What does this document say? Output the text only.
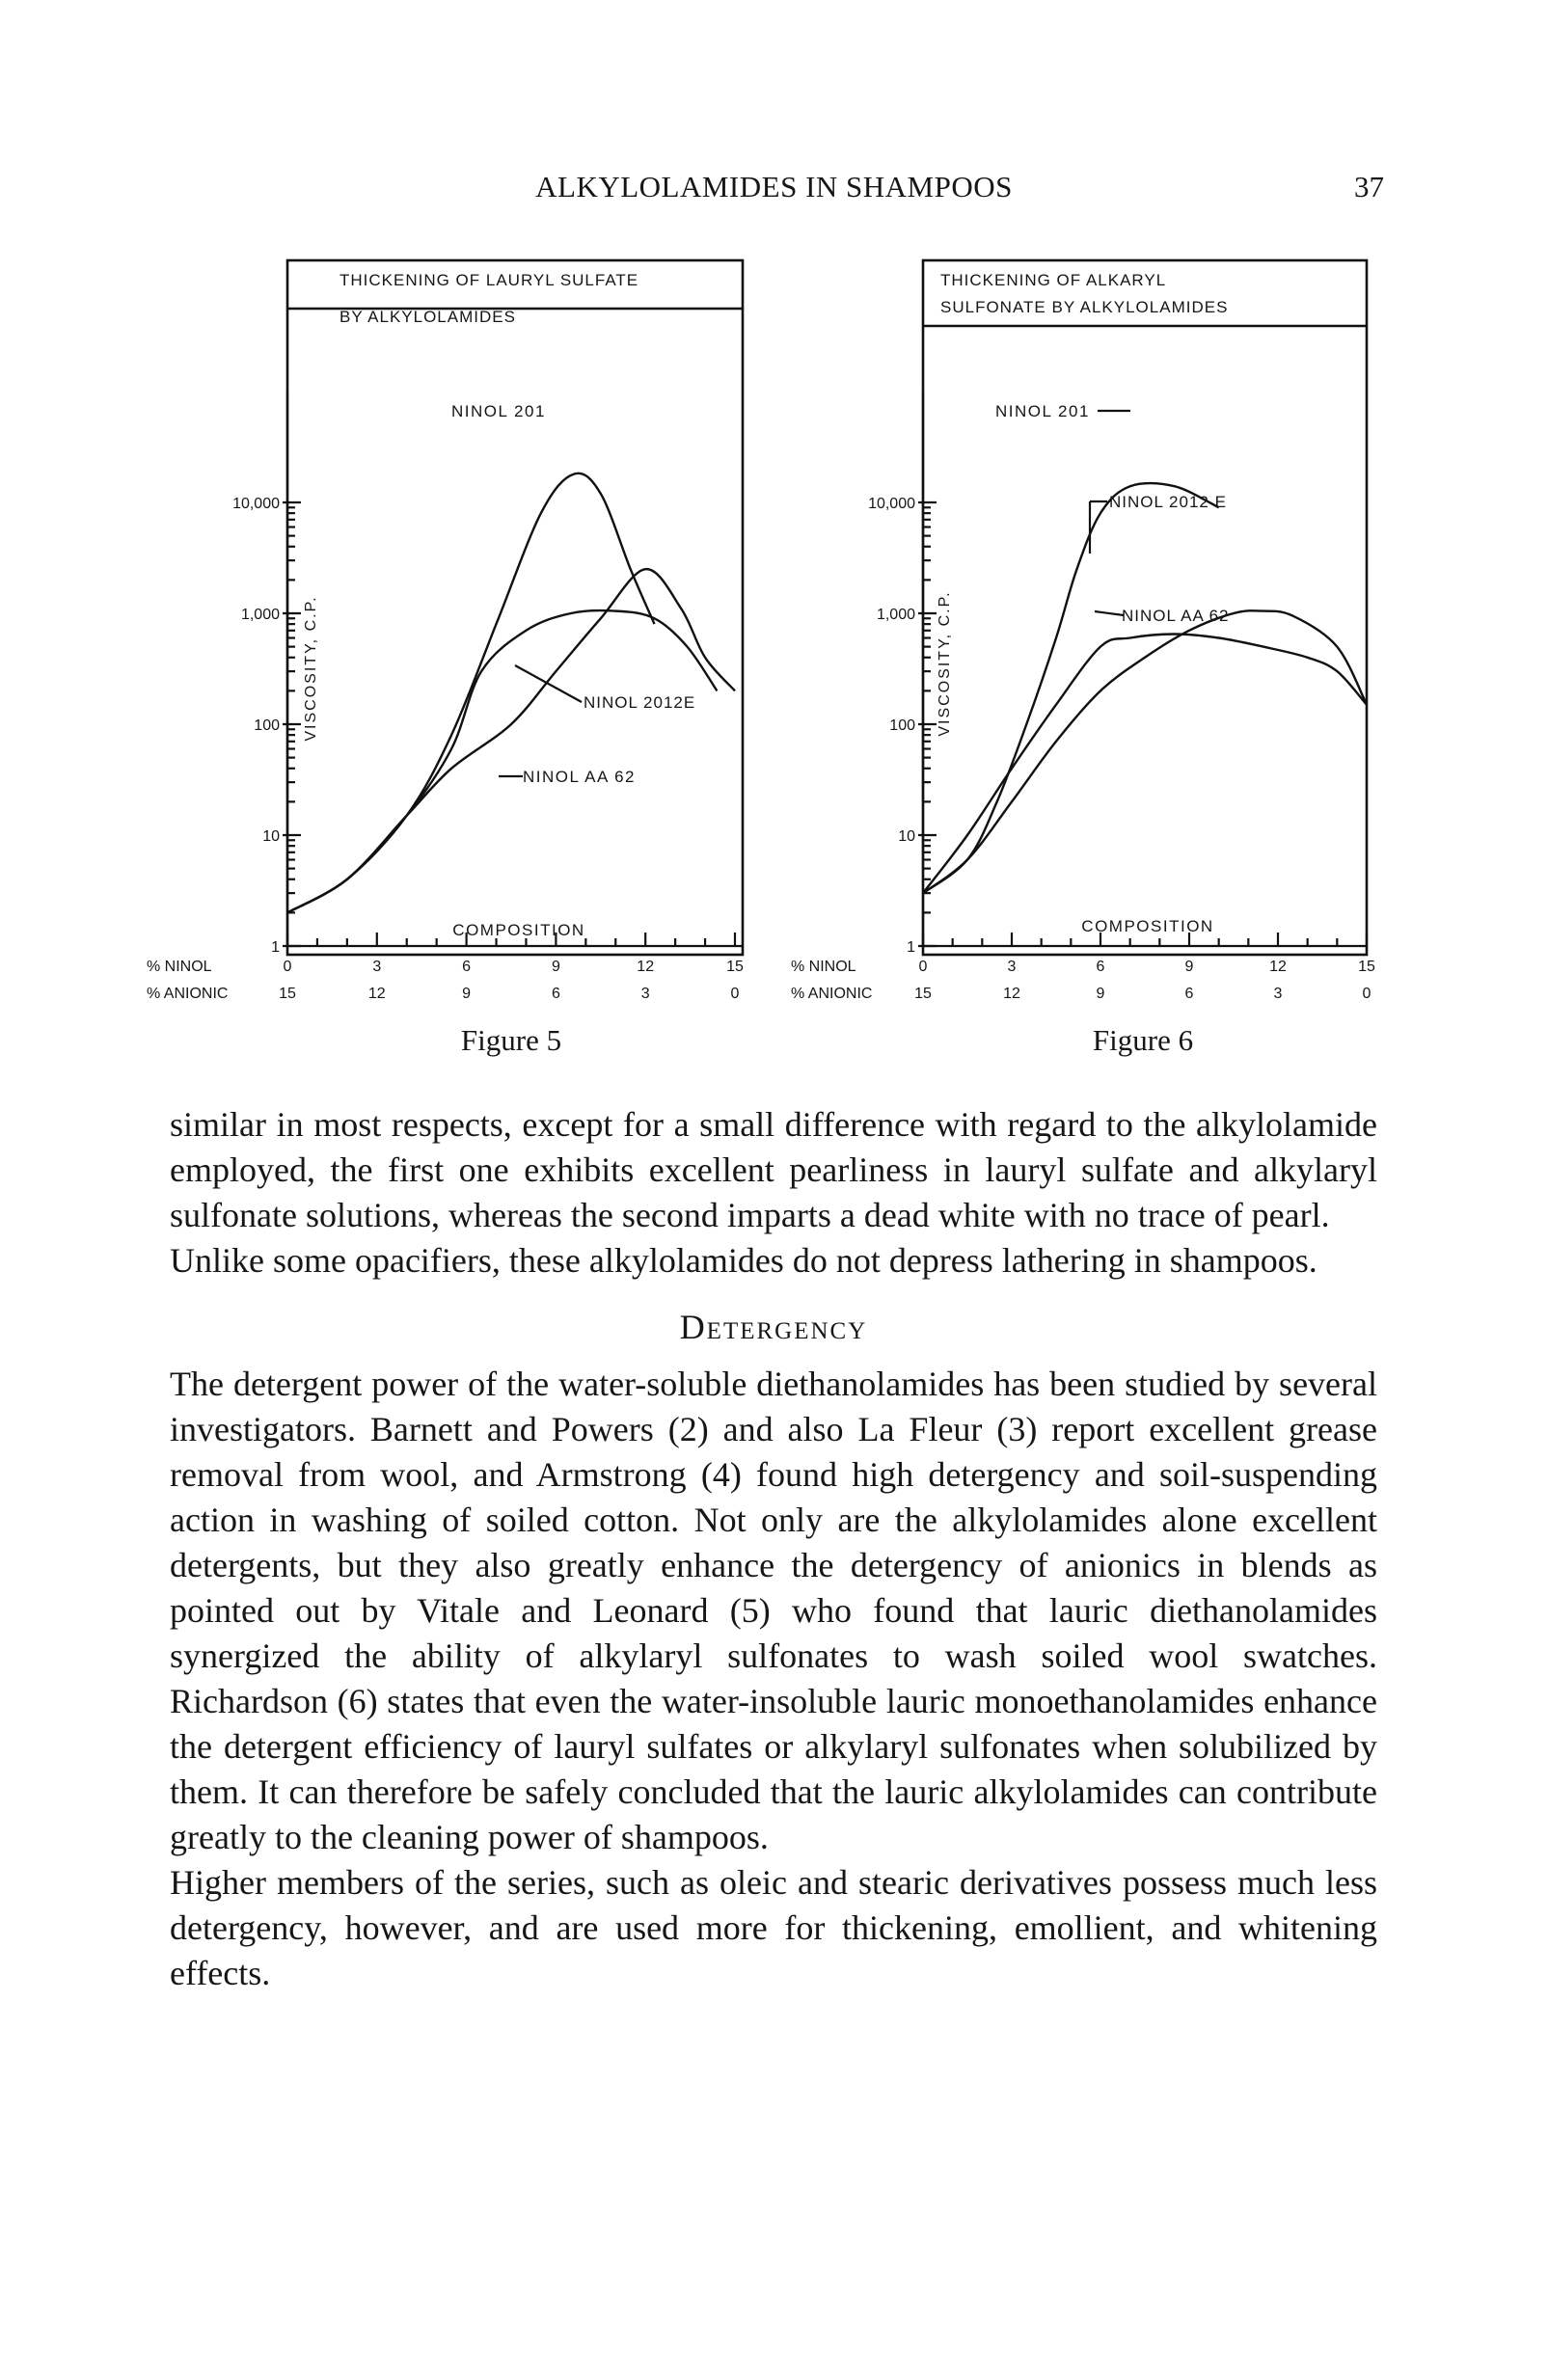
ALKYLOLAMIDES IN SHAMPOOS	37
THICKENING OF LAURYL SULFATE
BY ALKYLOLAMIDES
VISCOSITY, C.P.
COMPOSITION
1
10
100
1,000
10,000
NINOL 201
NINOL 2012E
NINOL AA 62
% NINOL	0	3	6	9	12	15
% ANIONIC	15	12	9	6	3	0
Figure 5
THICKENING OF ALKARYL
SULFONATE BY ALKYLOLAMIDES
VISCOSITY, C.P.
COMPOSITION
1
10
100
1,000
10,000
NINOL 201
NINOL 2012 E
NINOL AA 62
% NINOL	0	3	6	9	12	15
% ANIONIC	15	12	9	6	3	0
Figure 6

similar in most respects, except for a small difference with regard to the alkylolamide employed, the first one exhibits excellent pearliness in lauryl sulfate and alkylaryl sulfonate solutions, whereas the second imparts a dead white with no trace of pearl.

Unlike some opacifiers, these alkylolamides do not depress lathering in shampoos.

Detergency

The detergent power of the water-soluble diethanolamides has been studied by several investigators. Barnett and Powers (2) and also La Fleur (3) report excellent grease removal from wool, and Armstrong (4) found high detergency and soil-suspending action in washing of soiled cotton. Not only are the alkylolamides alone excellent detergents, but they also greatly enhance the detergency of anionics in blends as pointed out by Vitale and Leonard (5) who found that lauric diethanolamides synergized the ability of alkylaryl sulfonates to wash soiled wool swatches. Richardson (6) states that even the water-insoluble lauric monoethanolamides enhance the detergent efficiency of lauryl sulfates or alkylaryl sulfonates when solubilized by them. It can therefore be safely concluded that the lauric alkylolamides can contribute greatly to the cleaning power of shampoos.

Higher members of the series, such as oleic and stearic derivatives possess much less detergency, however, and are used more for thickening, emollient, and whitening effects.
